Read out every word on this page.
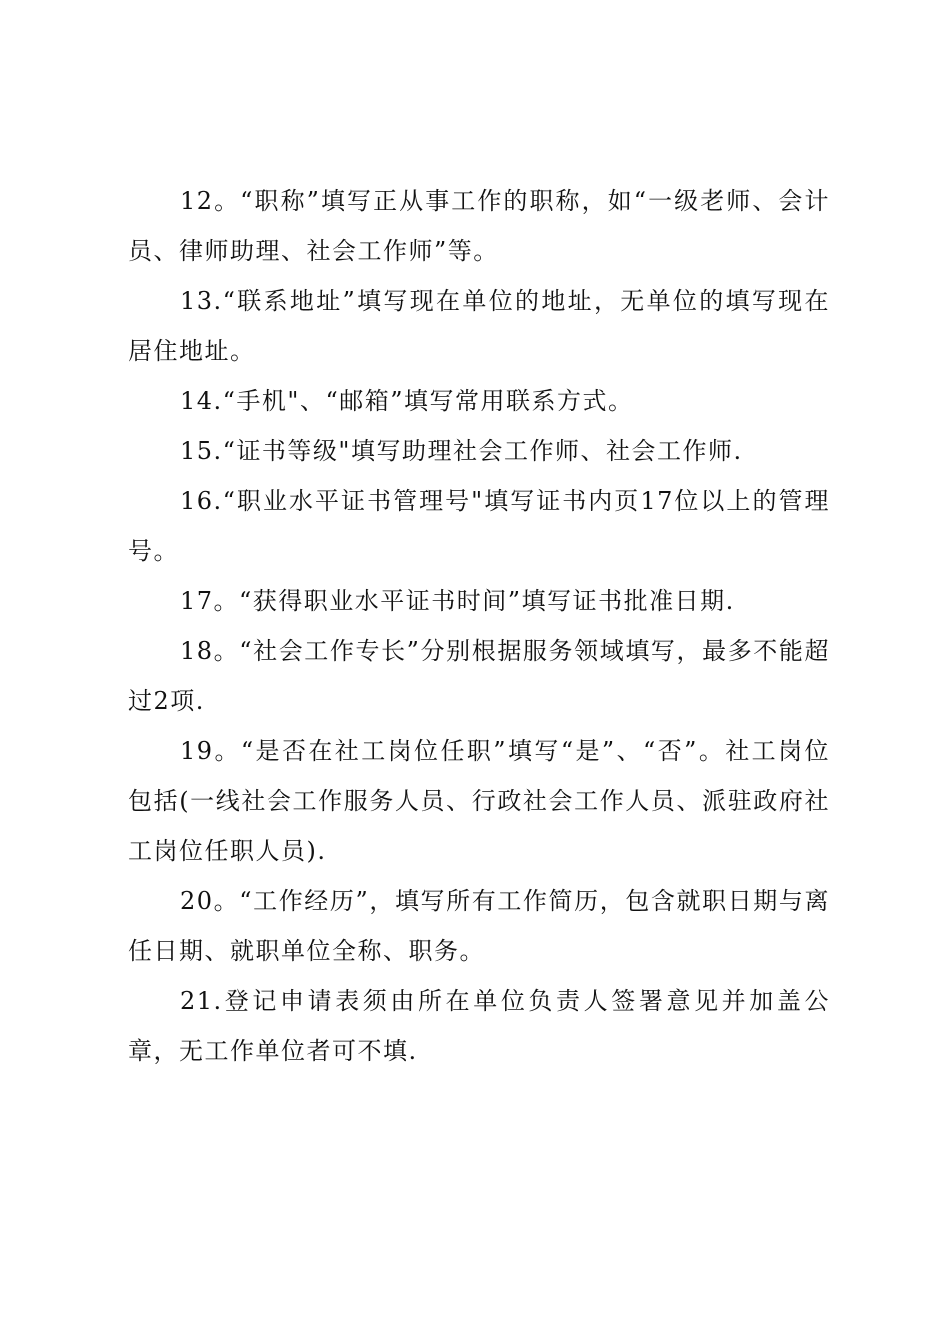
12。“职称”填写正从事工作的职称，如“一级老师、会计员、律师助理、社会工作师”等。

13.“联系地址”填写现在单位的地址，无单位的填写现在居住地址。

14.“手机"、“邮箱”填写常用联系方式。

15.“证书等级"填写助理社会工作师、社会工作师.

16.“职业水平证书管理号"填写证书内页17位以上的管理号。

17。“获得职业水平证书时间”填写证书批准日期.

18。“社会工作专长”分别根据服务领域填写，最多不能超过2项.

19。“是否在社工岗位任职”填写“是”、“否”。社工岗位包括(一线社会工作服务人员、行政社会工作人员、派驻政府社工岗位任职人员).

20。“工作经历”，填写所有工作简历，包含就职日期与离任日期、就职单位全称、职务。

21.登记申请表须由所在单位负责人签署意见并加盖公章，无工作单位者可不填.
